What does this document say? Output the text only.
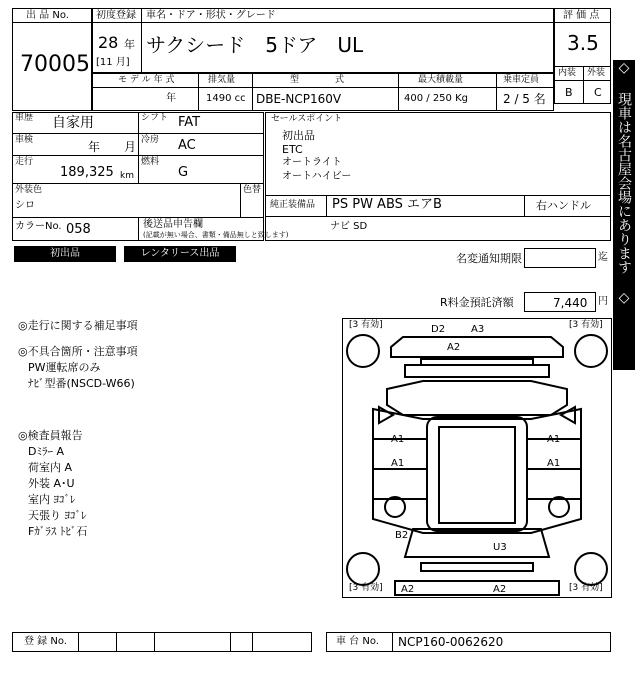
出 品 No.
70005
初度登録
28 年
[11 月]
車名・ドア・形状・グレード
サクシード　5ドア　UL
評 価 点
3.5
内装 外装
B C
モ デ ル 年 式
年
排気量
1490 cc
型　　　　式
DBE-NCP160V
最大積載量
400 / 250 Kg
乗車定員
2 / 5 名
車歴 自家用	シフト FAT
車検	年 月 冷房 AC
走行
189,325 km
燃料
G
外装色
シロ
色替
カラーNo. 058	後送品申告欄
(記載が無い場合、書類・備品無しと致します)
セールスポイント
初出品
ETC
オートライト
オートハイビー
純正装備品 PS PW ABS エアB	右ハンドル
ナビ SD
初出品	レンタリース出品	名変通知期限	迄
R料金預託済額	7,440 円
◎走行に関する補足事項
◎不具合箇所・注意事項
PW運転席のみ
ﾅﾋﾞ型番(NSCD-W66)
◎検査員報告
Dﾐﾗｰ A
荷室内 A
外装 A･U
室内 ﾖｺﾞﾚ
天張り ﾖｺﾞﾚ
Fｶﾞﾗｽ ﾄﾋﾞ石
[3 有効]	[3 有効]
[3 有効]	[3 有効]
D2	A3
A2
A1	A1
A1	A1
B2
U3
A2	A2
◇ 現車は名古屋会場にあります ◇
登 録 No.	車 台 No. NCP160-0062620
